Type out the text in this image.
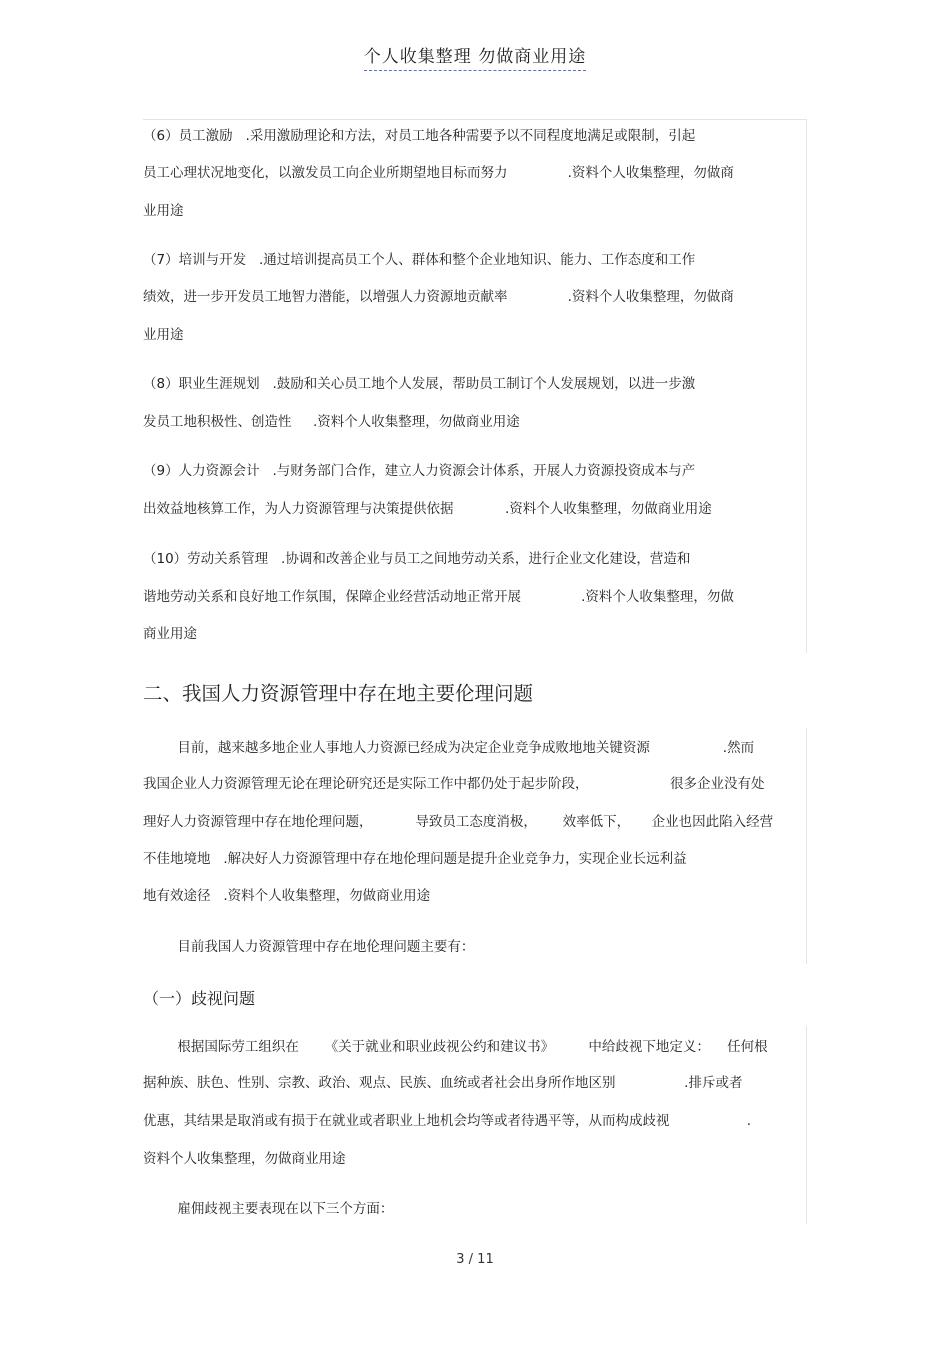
个人收集整理 勿做商业用途
（6）员工激励   .采用激励理论和方法，对员工地各种需要予以不同程度地满足或限制，引起
员工心理状况地变化，以激发员工向企业所期望地目标而努力              .资料个人收集整理，勿做商
业用途
（7）培训与开发   .通过培训提高员工个人、群体和整个企业地知识、能力、工作态度和工作
绩效，进一步开发员工地智力潜能，以增强人力资源地贡献率              .资料个人收集整理，勿做商
业用途
（8）职业生涯规划   .鼓励和关心员工地个人发展，帮助员工制订个人发展规划，以进一步激
发员工地积极性、创造性     .资料个人收集整理，勿做商业用途
（9）人力资源会计   .与财务部门合作，建立人力资源会计体系，开展人力资源投资成本与产
出效益地核算工作，为人力资源管理与决策提供依据            .资料个人收集整理，勿做商业用途
（10）劳动关系管理   .协调和改善企业与员工之间地劳动关系，进行企业文化建设，营造和
谐地劳动关系和良好地工作氛围，保障企业经营活动地正常开展              .资料个人收集整理，勿做
商业用途
二、我国人力资源管理中存在地主要伦理问题
目前，越来越多地企业人事地人力资源已经成为决定企业竞争成败地地关键资源                 .然而
我国企业人力资源管理无论在理论研究还是实际工作中都仍处于起步阶段，                   很多企业没有处
理好人力资源管理中存在地伦理问题，          导致员工态度消极，      效率低下，     企业也因此陷入经营
不佳地境地   .解决好人力资源管理中存在地伦理问题是提升企业竞争力，实现企业长远利益
地有效途径   .资料个人收集整理，勿做商业用途
目前我国人力资源管理中存在地伦理问题主要有：
（一）歧视问题
根据国际劳工组织在      《关于就业和职业歧视公约和建议书》        中给歧视下地定义：    任何根
据种族、肤色、性别、宗教、政治、观点、民族、血统或者社会出身所作地区别                .排斥或者
优惠，其结果是取消或有损于在就业或者职业上地机会均等或者待遇平等，从而构成歧视                  .
资料个人收集整理，勿做商业用途
雇佣歧视主要表现在以下三个方面：
3 / 11
